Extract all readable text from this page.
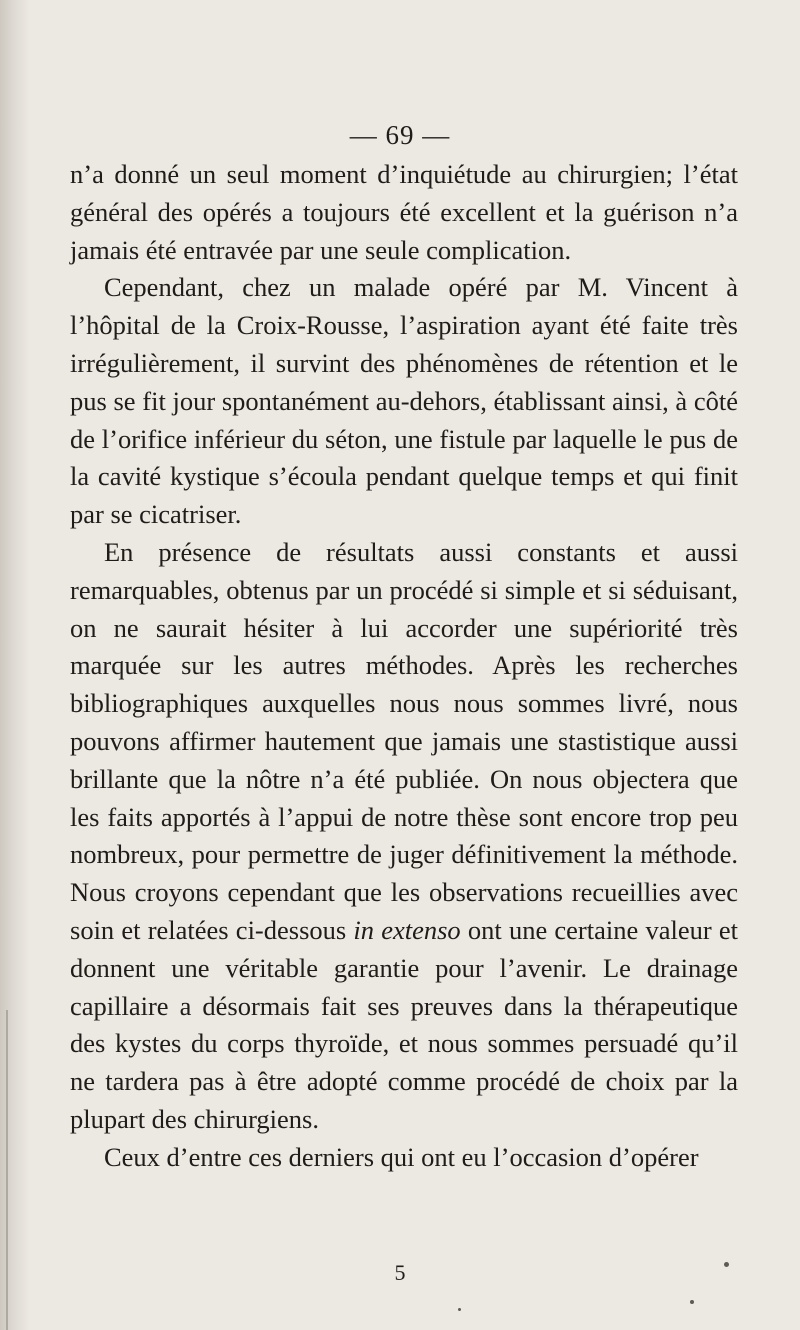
— 69 —

n’a donné un seul moment d’inquiétude au chirurgien; l’état général des opérés a toujours été excellent et la guérison n’a jamais été entravée par une seule complication.

Cependant, chez un malade opéré par M. Vincent à l’hôpital de la Croix-Rousse, l’aspiration ayant été faite très irrégulièrement, il survint des phénomènes de rétention et le pus se fit jour spontanément au-dehors, établissant ainsi, à côté de l’orifice inférieur du séton, une fistule par laquelle le pus de la cavité kystique s’écoula pendant quelque temps et qui finit par se cicatriser.

En présence de résultats aussi constants et aussi remarquables, obtenus par un procédé si simple et si séduisant, on ne saurait hésiter à lui accorder une supériorité très marquée sur les autres méthodes. Après les recherches bibliographiques auxquelles nous nous sommes livré, nous pouvons affirmer hautement que jamais une stastistique aussi brillante que la nôtre n’a été publiée. On nous objectera que les faits apportés à l’appui de notre thèse sont encore trop peu nombreux, pour permettre de juger définitivement la méthode. Nous croyons cependant que les observations recueillies avec soin et relatées ci-dessous in extenso ont une certaine valeur et donnent une véritable garantie pour l’avenir. Le drainage capillaire a désormais fait ses preuves dans la thérapeutique des kystes du corps thyroïde, et nous sommes persuadé qu’il ne tardera pas à être adopté comme procédé de choix par la plupart des chirurgiens.

Ceux d’entre ces derniers qui ont eu l’occasion d’opérer

5
